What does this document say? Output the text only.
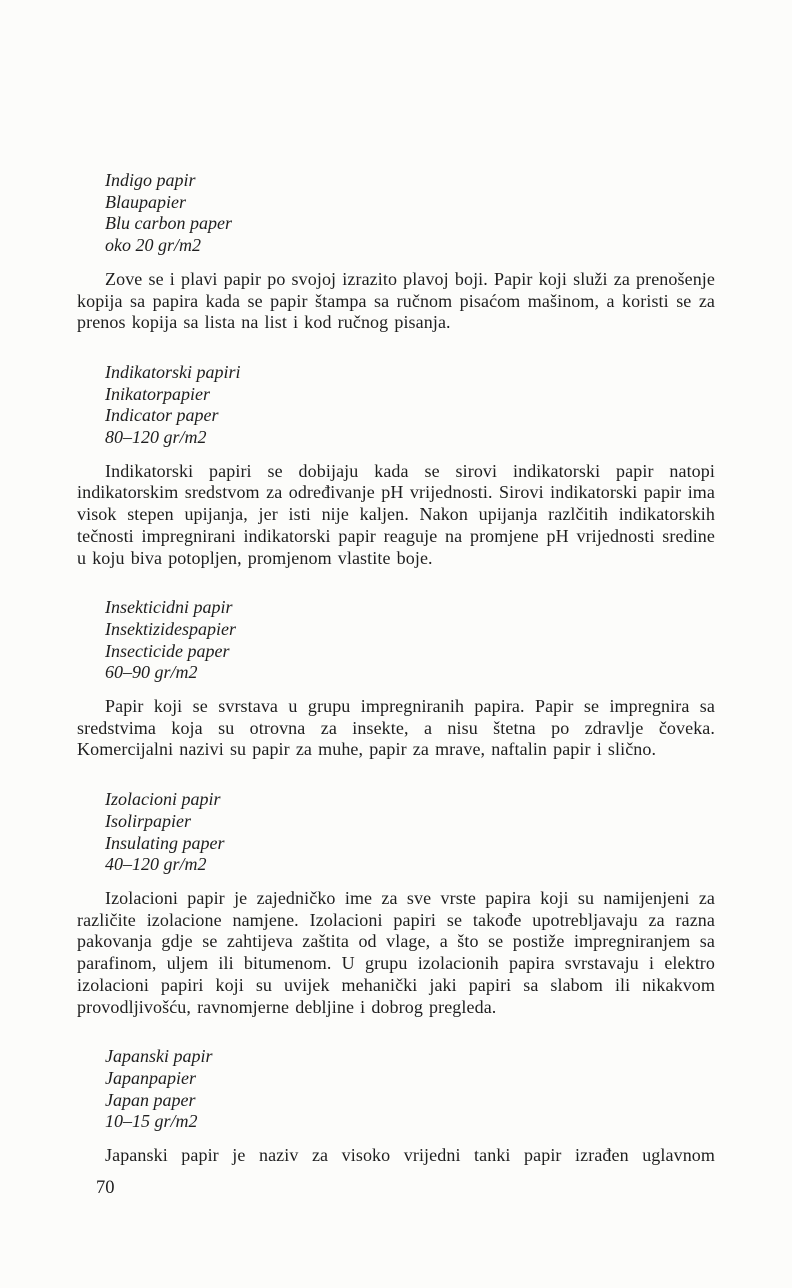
Indigo papir
Blaupapier
Blu carbon paper
oko 20 gr/m2

Zove se i plavi papir po svojoj izrazito plavoj boji. Papir koji služi za prenošenje kopija sa papira kada se papir štampa sa ručnom pisaćom mašinom, a koristi se za prenos kopija sa lista na list i kod ručnog pisanja.

Indikatorski papiri
Inikatorpapier
Indicator paper
80–120 gr/m2

Indikatorski papiri se dobijaju kada se sirovi indikatorski papir natopi indikatorskim sredstvom za određivanje pH vrijednosti. Sirovi indikatorski papir ima visok stepen upijanja, jer isti nije kaljen. Nakon upijanja razlčitih indikatorskih tečnosti impregnirani indikatorski papir reaguje na promjene pH vrijednosti sredine u koju biva potopljen, promjenom vlastite boje.

Insekticidni papir
Insektizidespapier
Insecticide paper
60–90 gr/m2

Papir koji se svrstava u grupu impregniranih papira. Papir se impregnira sa sredstvima koja su otrovna za insekte, a nisu štetna po zdravlje čoveka. Komercijalni nazivi su papir za muhe, papir za mrave, naftalin papir i slično.

Izolacioni papir
Isolirpapier
Insulating paper
40–120 gr/m2

Izolacioni papir je zajedničko ime za sve vrste papira koji su namijenjeni za različite izolacione namjene. Izolacioni papiri se takođe upotrebljavaju za razna pakovanja gdje se zahtijeva zaštita od vlage, a što se postiže impregniranjem sa parafinom, uljem ili bitumenom. U grupu izolacionih papira svrstavaju i elektro izolacioni papiri koji su uvijek mehanički jaki papiri sa slabom ili nikakvom provodljivošću, ravnomjerne debljine i dobrog pregleda.

Japanski papir
Japanpapier
Japan paper
10–15 gr/m2

Japanski papir je naziv za visoko vrijedni tanki papir izrađen uglavnom

70
